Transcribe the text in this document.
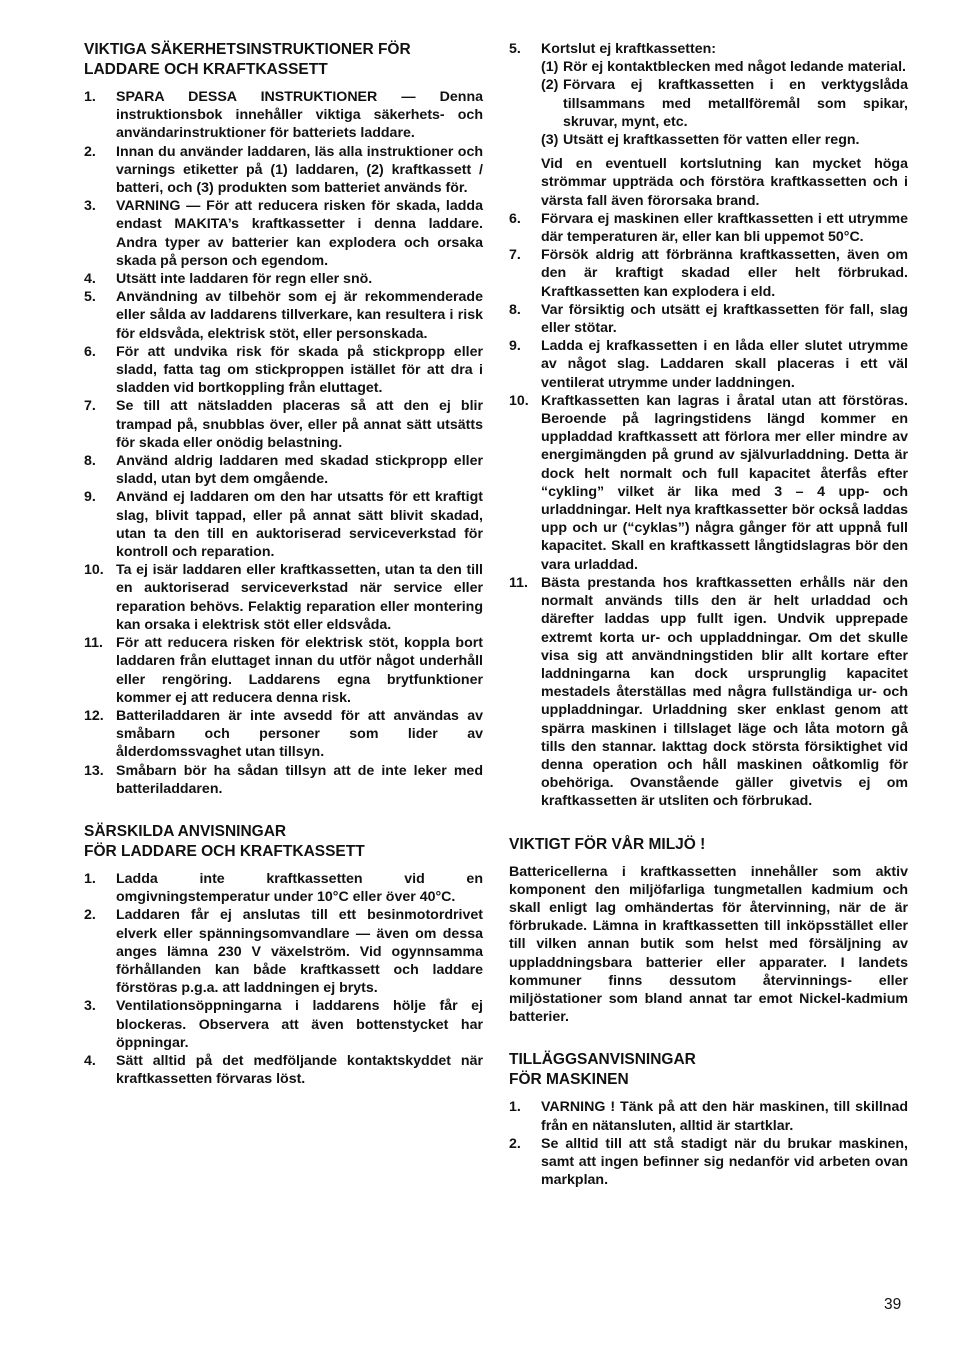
VIKTIGA SÄKERHETSINSTRUKTIONER FÖR
LADDARE OCH KRAFTKASSETT
1.	SPARA DESSA INSTRUKTIONER — Denna instruktionsbok innehåller viktiga säkerhets- och användarinstruktioner för batteriets laddare.
2.	Innan du använder laddaren, läs alla instruktioner och varnings etiketter på (1) laddaren, (2) kraftkassett / batteri, och (3) produkten som batteriet används för.
3.	VARNING — För att reducera risken för skada, ladda endast MAKITA’s kraftkassetter i denna laddare. Andra typer av batterier kan explodera och orsaka skada på person och egendom.
4.	Utsätt inte laddaren för regn eller snö.
5.	Användning av tilbehör som ej är rekommenderade eller sålda av laddarens tillverkare, kan resultera i risk för eldsvåda, elektrisk stöt, eller personskada.
6.	För att undvika risk för skada på stickpropp eller sladd, fatta tag om stickproppen istället för att dra i sladden vid bortkoppling från eluttaget.
7.	Se till att nätsladden placeras så att den ej blir trampad på, snubblas över, eller på annat sätt utsätts för skada eller onödig belastning.
8.	Använd aldrig laddaren med skadad stickpropp eller sladd, utan byt dem omgående.
9.	Använd ej laddaren om den har utsatts för ett kraftigt slag, blivit tappad, eller på annat sätt blivit skadad, utan ta den till en auktoriserad serviceverkstad för kontroll och reparation.
10. Ta ej isär laddaren eller kraftkassetten, utan ta den till en auktoriserad serviceverkstad när service eller reparation behövs. Felaktig reparation eller montering kan orsaka i elektrisk stöt eller eldsvåda.
11. För att reducera risken för elektrisk stöt, koppla bort laddaren från eluttaget innan du utför något underhåll eller rengöring. Laddarens egna brytfunktioner kommer ej att reducera denna risk.
12. Batteriladdaren är inte avsedd för att användas av småbarn och personer som lider av ålderdomssvaghet utan tillsyn.
13. Småbarn bör ha sådan tillsyn att de inte leker med batteriladdaren.
SÄRSKILDA ANVISNINGAR
FÖR LADDARE OCH KRAFTKASSETT
1.	Ladda inte kraftkassetten vid en omgivningstemperatur under 10°C eller över 40°C.
2.	Laddaren får ej anslutas till ett besinmotordrivet elverk eller spänningsomvandlare — även om dessa anges lämna 230 V växelström. Vid ogynnsamma förhållanden kan både kraftkassett och laddare förstöras p.g.a. att laddningen ej bryts.
3.	Ventilationsöppningarna i laddarens hölje får ej blockeras. Observera att även bottenstycket har öppningar.
4.	Sätt alltid på det medföljande kontaktskyddet när kraftkassetten förvaras löst.
5.	Kortslut ej kraftkassetten:
(1) Rör ej kontaktblecken med något ledande material.
(2) Förvara ej kraftkassetten i en verktygslåda tillsammans med metallföremål som spikar, skruvar, mynt, etc.
(3) Utsätt ej kraftkassetten för vatten eller regn.
Vid en eventuell kortslutning kan mycket höga strömmar uppträda och förstöra kraftkassetten och i värsta fall även förorsaka brand.
6.	Förvara ej maskinen eller kraftkassetten i ett utrymme där temperaturen är, eller kan bli uppemot 50°C.
7.	Försök aldrig att förbränna kraftkassetten, även om den är kraftigt skadad eller helt förbrukad. Kraftkassetten kan explodera i eld.
8.	Var försiktig och utsätt ej kraftkassetten för fall, slag eller stötar.
9.	Ladda ej krafkassetten i en låda eller slutet utrymme av något slag. Laddaren skall placeras i ett väl ventilerat utrymme under laddningen.
10. Kraftkassetten kan lagras i åratal utan att förstöras. Beroende på lagringstidens längd kommer en uppladdad kraftkassett att förlora mer eller mindre av energimängden på grund av självurladdning. Detta är dock helt normalt och full kapacitet återfås efter “cykling” vilket är lika med 3 – 4 upp- och urladdningar. Helt nya kraftkassetter bör också laddas upp och ur (“cyklas”) några gånger för att uppnå full kapacitet. Skall en kraftkassett långtidslagras bör den vara urladdad.
11. Bästa prestanda hos kraftkassetten erhålls när den normalt används tills den är helt urladdad och därefter laddas upp fullt igen. Undvik upprepade extremt korta ur- och uppladdningar. Om det skulle visa sig att användningstiden blir allt kortare efter laddningarna kan dock ursprunglig kapacitet mestadels återställas med några fullständiga ur- och uppladdningar. Urladdning sker enklast genom att spärra maskinen i tillslaget läge och låta motorn gå tills den stannar. Iakttag dock största försiktighet vid denna operation och håll maskinen oåtkomlig för obehöriga. Ovanstående gäller givetvis ej om kraftkassetten är utsliten och förbrukad.
VIKTIGT FÖR VÅR MILJÖ !

Battericellerna i kraftkassetten innehåller som aktiv komponent den miljöfarliga tungmetallen kadmium och skall enligt lag omhändertas för återvinning, när de är förbrukade. Lämna in kraftkassetten till inköpsstället eller till vilken annan butik som helst med försäljning av uppladdningsbara batterier eller apparater. I landets kommuner finns dessutom återvinnings- eller miljöstationer som bland annat tar emot Nickel-kadmium batterier.

TILLÄGGSANVISNINGAR
FÖR MASKINEN
1.	VARNING ! Tänk på att den här maskinen, till skillnad från en nätansluten, alltid är startklar.
2.	Se alltid till att stå stadigt när du brukar maskinen, samt att ingen befinner sig nedanför vid arbeten ovan markplan.
39
